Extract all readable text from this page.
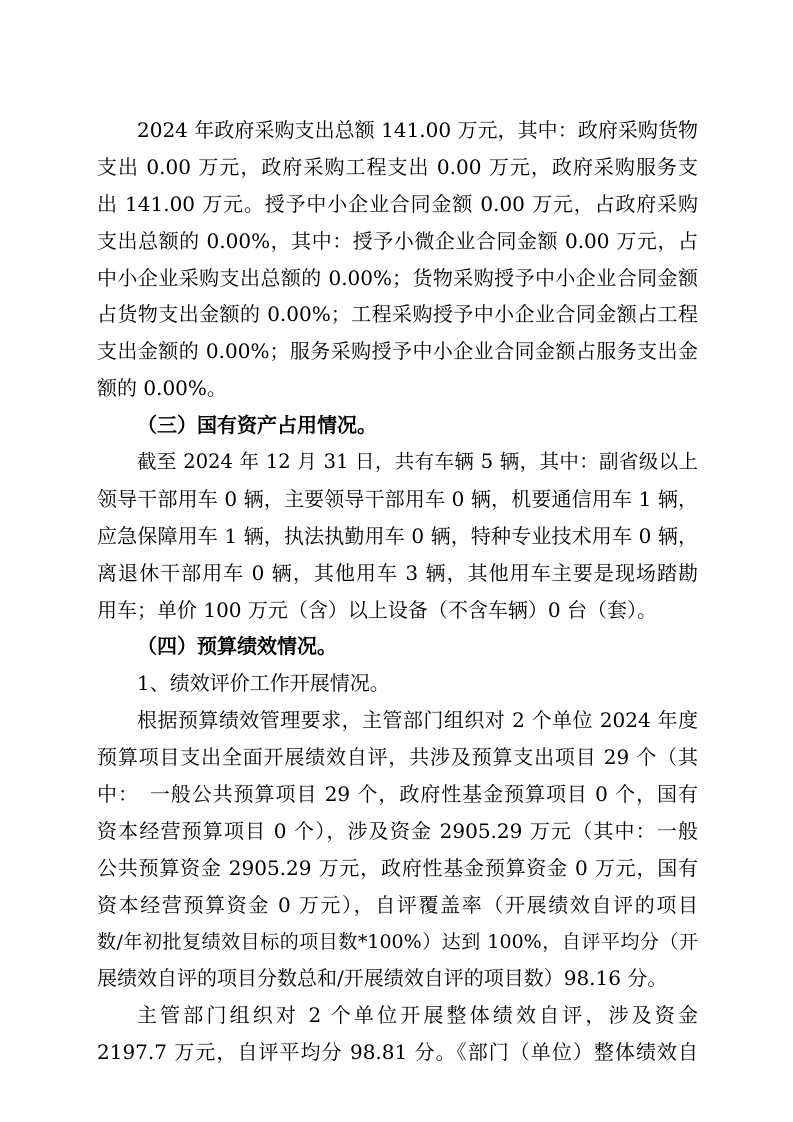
2024 年政府采购支出总额 141.00 万元，其中：政府采购货物
支出 0.00 万元，政府采购工程支出 0.00 万元，政府采购服务支
出 141.00 万元。授予中小企业合同金额 0.00 万元，占政府采购
支出总额的 0.00%，其中：授予小微企业合同金额 0.00 万元，占
中小企业采购支出总额的 0.00%；货物采购授予中小企业合同金额
占货物支出金额的 0.00%；工程采购授予中小企业合同金额占工程
支出金额的 0.00%；服务采购授予中小企业合同金额占服务支出金
额的 0.00%。
（三）国有资产占用情况。
截至 2024 年 12 月 31 日，共有车辆 5 辆，其中：副省级以上
领导干部用车 0 辆，主要领导干部用车 0 辆，机要通信用车 1 辆，
应急保障用车 1 辆，执法执勤用车 0 辆，特种专业技术用车 0 辆，
离退休干部用车 0 辆，其他用车 3 辆，其他用车主要是现场踏勘
用车；单价 100 万元（含）以上设备（不含车辆）0 台（套）。
（四）预算绩效情况。
1、绩效评价工作开展情况。
根据预算绩效管理要求，主管部门组织对 2 个单位 2024 年度
预算项目支出全面开展绩效自评，共涉及预算支出项目 29 个（其
中：　一般公共预算项目 29 个，政府性基金预算项目 0 个，国有
资本经营预算项目 0 个），涉及资金 2905.29 万元（其中：一般
公共预算资金 2905.29 万元，政府性基金预算资金 0 万元，国有
资本经营预算资金 0 万元），自评覆盖率（开展绩效自评的项目
数/年初批复绩效目标的项目数*100%）达到 100%，自评平均分（开
展绩效自评的项目分数总和/开展绩效自评的项目数）98.16 分。
主管部门组织对 2 个单位开展整体绩效自评，涉及资金
2197.7 万元，自评平均分 98.81 分。《部门（单位）整体绩效自
